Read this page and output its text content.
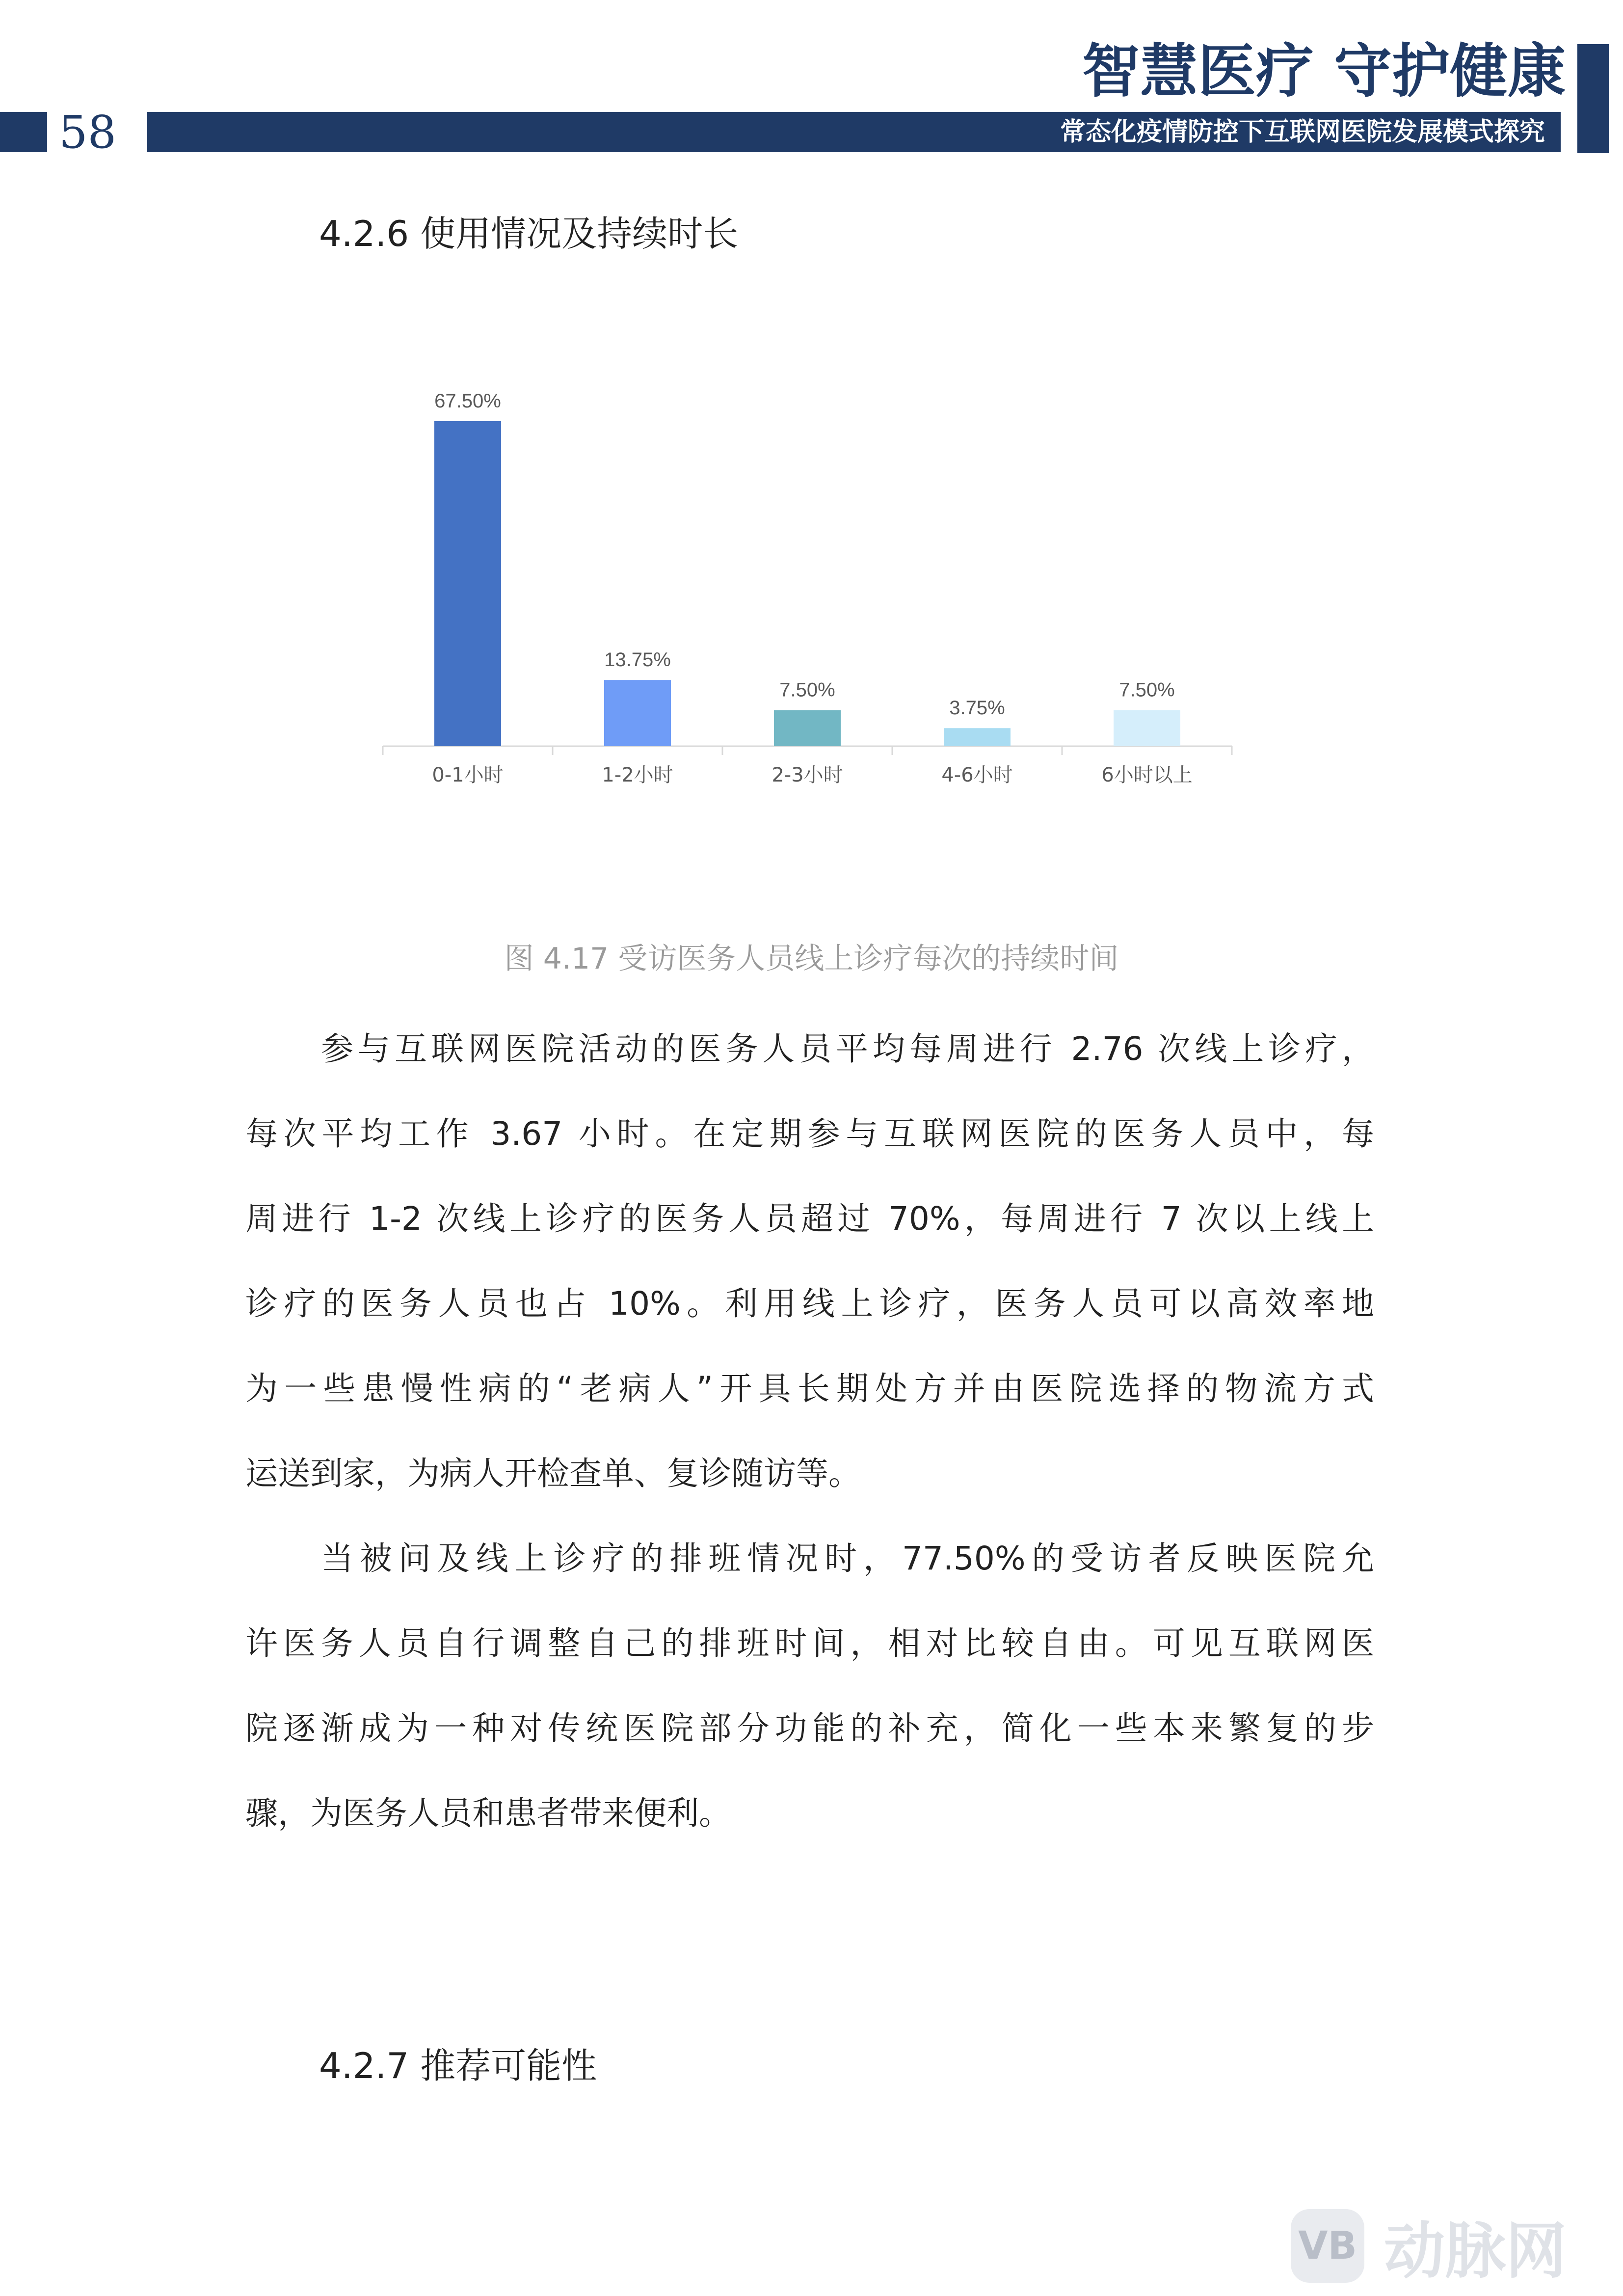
智慧医疗 守护健康
58	常态化疫情防控下互联网医院发展模式探究
4.2.6 使用情况及持续时长
67.50%
0-1小时
13.75%
1-2小时
7.50%
2-3小时
3.75%
4-6小时
7.50%
6小时以上
图 4.17 受访医务人员线上诊疗每次的持续时间
参与互联网医院活动的医务人员平均每周进行 2.76 次线上诊疗，
每次平均工作 3.67 小时。在定期参与互联网医院的医务人员中，每
周进行 1-2 次线上诊疗的医务人员超过 70%，每周进行 7 次以上线上
诊疗的医务人员也占 10%。利用线上诊疗，医务人员可以高效率地
为一些患慢性病的“老病人”开具长期处方并由医院选择的物流方式
运送到家，为病人开检查单、复诊随访等。
当被问及线上诊疗的排班情况时，77.50%的受访者反映医院允
许医务人员自行调整自己的排班时间，相对比较自由。可见互联网医
院逐渐成为一种对传统医院部分功能的补充，简化一些本来繁复的步
骤，为医务人员和患者带来便利。
4.2.7 推荐可能性
VB 动脉网
